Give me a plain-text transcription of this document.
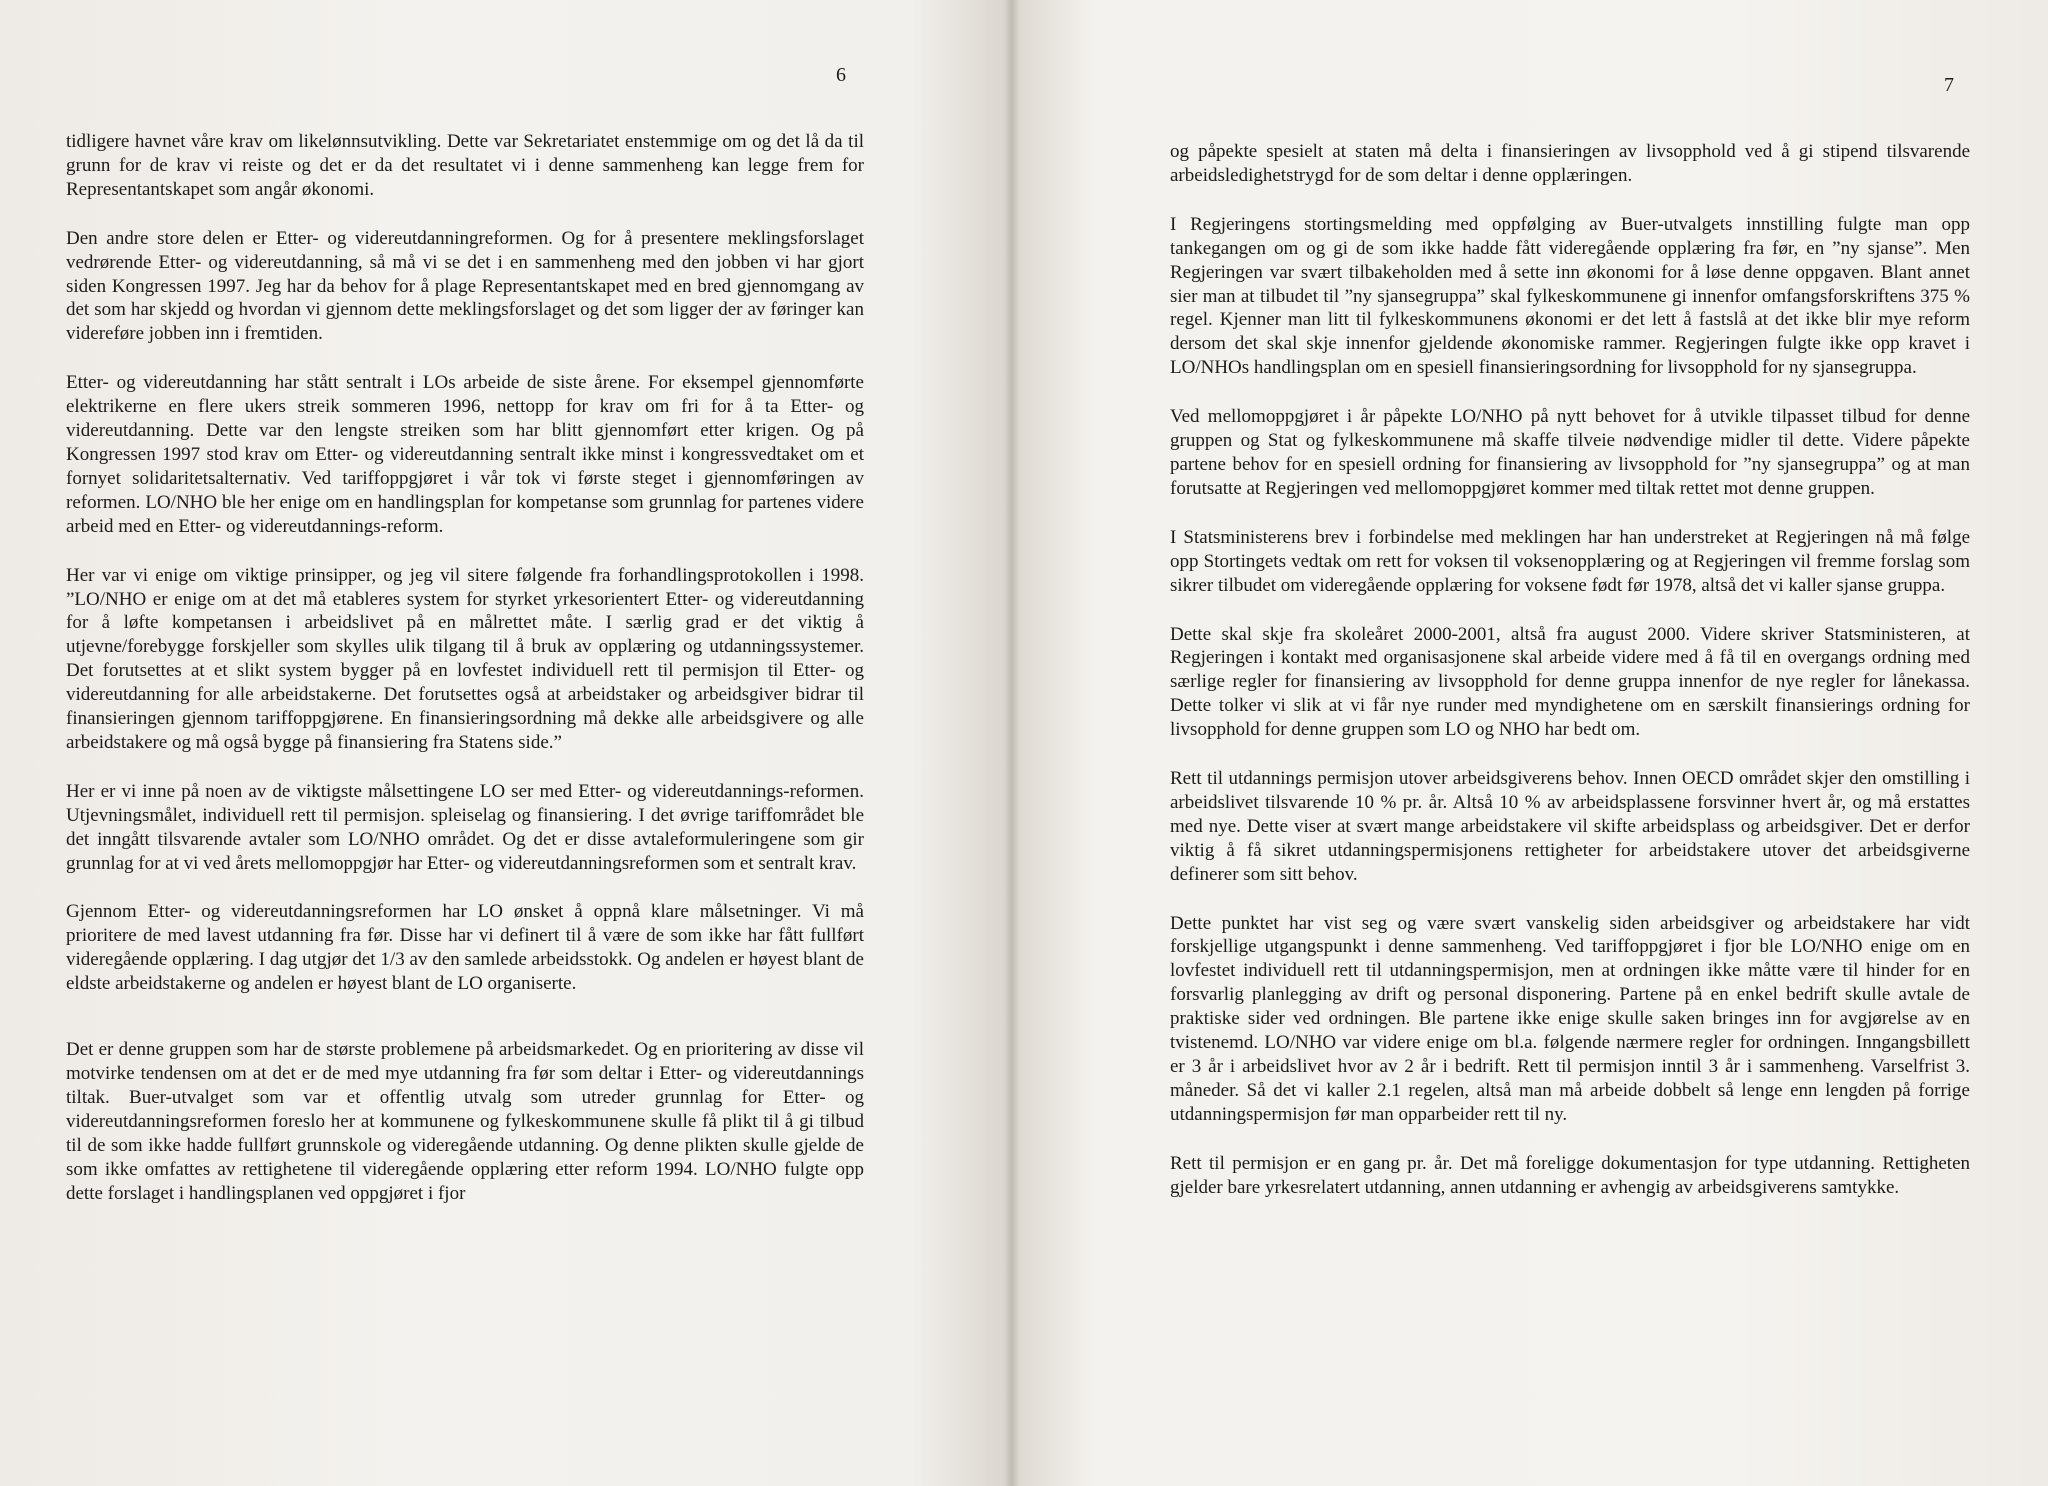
6

tidligere havnet våre krav om likelønnsutvikling. Dette var Sekretariatet enstemmige om og det lå da til grunn for de krav vi reiste og det er da det resultatet vi i denne sammenheng kan legge frem for Representantskapet som angår økonomi.

Den andre store delen er Etter- og videreutdanningreformen. Og for å presentere meklingsforslaget vedrørende Etter- og videreutdanning, så må vi se det i en sammenheng med den jobben vi har gjort siden Kongressen 1997. Jeg har da behov for å plage Representantskapet med en bred gjennomgang av det som har skjedd og hvordan vi gjennom dette meklingsforslaget og det som ligger der av føringer kan videreføre jobben inn i fremtiden.

Etter- og videreutdanning har stått sentralt i LOs arbeide de siste årene. For eksempel gjennomførte elektrikerne en flere ukers streik sommeren 1996, nettopp for krav om fri for å ta Etter- og videreutdanning. Dette var den lengste streiken som har blitt gjennomført etter krigen. Og på Kongressen 1997 stod krav om Etter- og videreutdanning sentralt ikke minst i kongressvedtaket om et fornyet solidaritetsalternativ. Ved tariffoppgjøret i vår tok vi første steget i gjennomføringen av reformen. LO/NHO ble her enige om en handlingsplan for kompetanse som grunnlag for partenes videre arbeid med en Etter- og videreutdannings-reform.

Her var vi enige om viktige prinsipper, og jeg vil sitere følgende fra forhandlingsprotokollen i 1998. ”LO/NHO er enige om at det må etableres system for styrket yrkesorientert Etter- og videreutdanning for å løfte kompetansen i arbeidslivet på en målrettet måte. I særlig grad er det viktig å utjevne/forebygge forskjeller som skylles ulik tilgang til å bruk av opplæring og utdanningssystemer. Det forutsettes at et slikt system bygger på en lovfestet individuell rett til permisjon til Etter- og videreutdanning for alle arbeidstakerne. Det forutsettes også at arbeidstaker og arbeidsgiver bidrar til finansieringen gjennom tariffoppgjørene. En finansieringsordning må dekke alle arbeidsgivere og alle arbeidstakere og må også bygge på finansiering fra Statens side.”

Her er vi inne på noen av de viktigste målsettingene LO ser med Etter- og videreutdannings-reformen. Utjevningsmålet, individuell rett til permisjon. spleiselag og finansiering. I det øvrige tariffområdet ble det inngått tilsvarende avtaler som LO/NHO området. Og det er disse avtaleformuleringene som gir grunnlag for at vi ved årets mellomoppgjør har Etter- og videreutdanningsreformen som et sentralt krav.

Gjennom Etter- og videreutdanningsreformen har LO ønsket å oppnå klare målsetninger. Vi må prioritere de med lavest utdanning fra før. Disse har vi definert til å være de som ikke har fått fullført videregående opplæring. I dag utgjør det 1/3 av den samlede arbeidsstokk. Og andelen er høyest blant de eldste arbeidstakerne og andelen er høyest blant de LO organiserte.

Det er denne gruppen som har de største problemene på arbeidsmarkedet. Og en prioritering av disse vil motvirke tendensen om at det er de med mye utdanning fra før som deltar i Etter- og videreutdannings tiltak. Buer-utvalget som var et offentlig utvalg som utreder grunnlag for Etter- og videreutdanningsreformen foreslo her at kommunene og fylkeskommunene skulle få plikt til å gi tilbud til de som ikke hadde fullført grunnskole og videregående utdanning. Og denne plikten skulle gjelde de som ikke omfattes av rettighetene til videregående opplæring etter reform 1994. LO/NHO fulgte opp dette forslaget i handlingsplanen ved oppgjøret i fjor

7

og påpekte spesielt at staten må delta i finansieringen av livsopphold ved å gi stipend tilsvarende arbeidsledighetstrygd for de som deltar i denne opplæringen.

I Regjeringens stortingsmelding med oppfølging av Buer-utvalgets innstilling fulgte man opp tankegangen om og gi de som ikke hadde fått videregående opplæring fra før, en ”ny sjanse”. Men Regjeringen var svært tilbakeholden med å sette inn økonomi for å løse denne oppgaven. Blant annet sier man at tilbudet til ”ny sjansegruppa” skal fylkeskommunene gi innenfor omfangsforskriftens 375 % regel. Kjenner man litt til fylkeskommunens økonomi er det lett å fastslå at det ikke blir mye reform dersom det skal skje innenfor gjeldende økonomiske rammer. Regjeringen fulgte ikke opp kravet i LO/NHOs handlingsplan om en spesiell finansieringsordning for livsopphold for ny sjansegruppa.

Ved mellomoppgjøret i år påpekte LO/NHO på nytt behovet for å utvikle tilpasset tilbud for denne gruppen og Stat og fylkeskommunene må skaffe tilveie nødvendige midler til dette. Videre påpekte partene behov for en spesiell ordning for finansiering av livsopphold for ”ny sjansegruppa” og at man forutsatte at Regjeringen ved mellomoppgjøret kommer med tiltak rettet mot denne gruppen.

I Statsministerens brev i forbindelse med meklingen har han understreket at Regjeringen nå må følge opp Stortingets vedtak om rett for voksen til voksenopplæring og at Regjeringen vil fremme forslag som sikrer tilbudet om videregående opplæring for voksene født før 1978, altså det vi kaller sjanse gruppa.

Dette skal skje fra skoleåret 2000-2001, altså fra august 2000. Videre skriver Statsministeren, at Regjeringen i kontakt med organisasjonene skal arbeide videre med å få til en overgangs ordning med særlige regler for finansiering av livsopphold for denne gruppa innenfor de nye regler for lånekassa. Dette tolker vi slik at vi får nye runder med myndighetene om en særskilt finansierings ordning for livsopphold for denne gruppen som LO og NHO har bedt om.

Rett til utdannings permisjon utover arbeidsgiverens behov. Innen OECD området skjer den omstilling i arbeidslivet tilsvarende 10 % pr. år. Altså 10 % av arbeidsplassene forsvinner hvert år, og må erstattes med nye. Dette viser at svært mange arbeidstakere vil skifte arbeidsplass og arbeidsgiver. Det er derfor viktig å få sikret utdanningspermisjonens rettigheter for arbeidstakere utover det arbeidsgiverne definerer som sitt behov.

Dette punktet har vist seg og være svært vanskelig siden arbeidsgiver og arbeidstakere har vidt forskjellige utgangspunkt i denne sammenheng. Ved tariffoppgjøret i fjor ble LO/NHO enige om en lovfestet individuell rett til utdanningspermisjon, men at ordningen ikke måtte være til hinder for en forsvarlig planlegging av drift og personal disponering. Partene på en enkel bedrift skulle avtale de praktiske sider ved ordningen. Ble partene ikke enige skulle saken bringes inn for avgjørelse av en tvistenemd. LO/NHO var videre enige om bl.a. følgende nærmere regler for ordningen. Inngangsbillett er 3 år i arbeidslivet hvor av 2 år i bedrift. Rett til permisjon inntil 3 år i sammenheng. Varselfrist 3. måneder. Så det vi kaller 2.1 regelen, altså man må arbeide dobbelt så lenge enn lengden på forrige utdanningspermisjon før man opparbeider rett til ny.

Rett til permisjon er en gang pr. år. Det må foreligge dokumentasjon for type utdanning. Rettigheten gjelder bare yrkesrelatert utdanning, annen utdanning er avhengig av arbeidsgiverens samtykke.
